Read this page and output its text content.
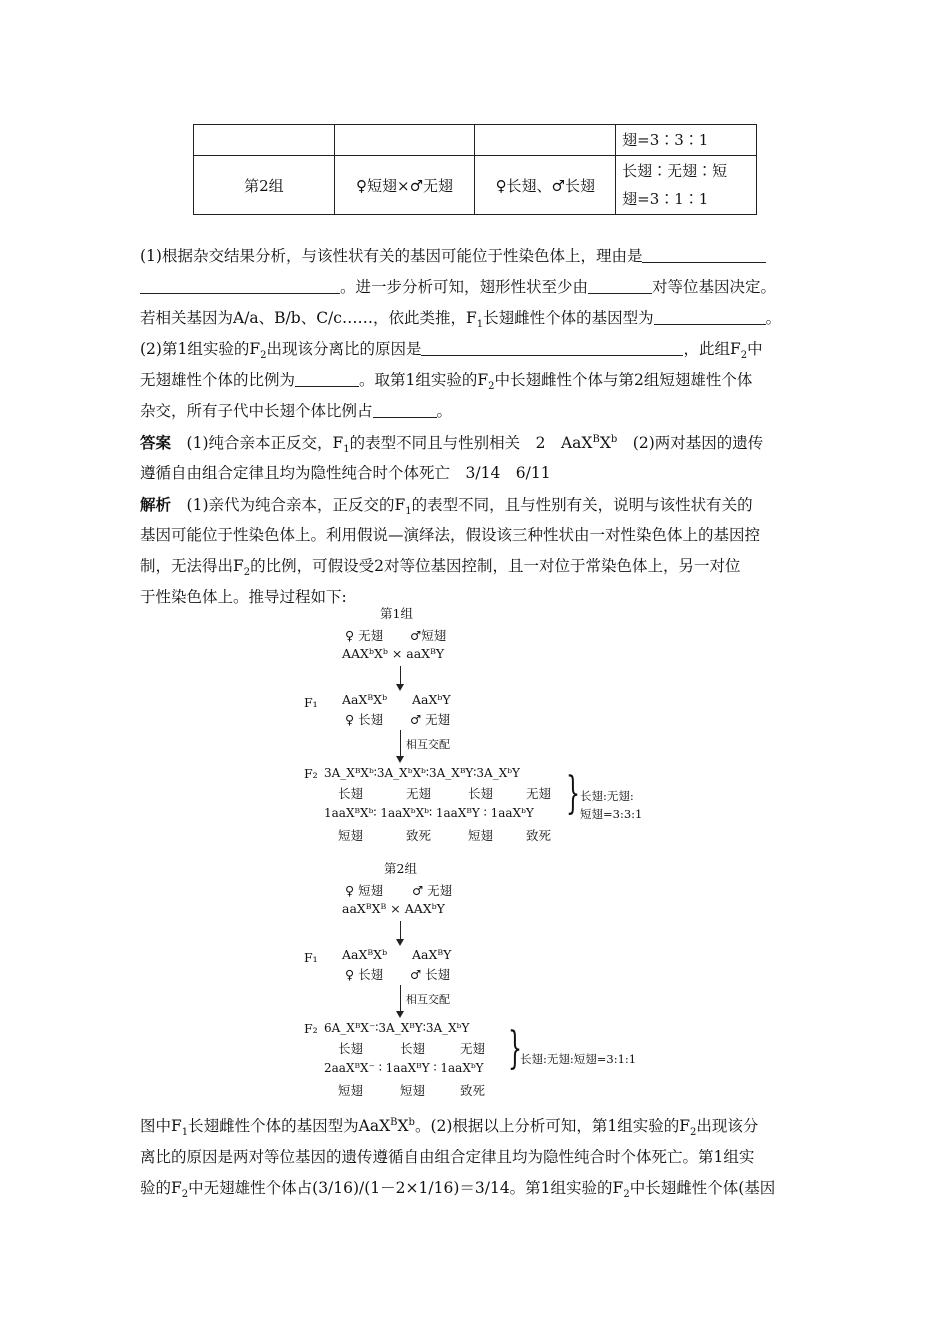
			翅=3∶3∶1
第2组	♀短翅×♂无翅	♀长翅、♂长翅	长翅∶无翅∶短
翅=3∶1∶1
(1)根据杂交结果分析，与该性状有关的基因可能位于性染色体上，理由是
。进一步分析可知，翅形性状至少由	对等位基因决定。
若相关基因为A/a、B/b、C/c……，依此类推，$F_1$长翅雌性个体的基因型为	。
(2)第1组实验的$F_2$出现该分离比的原因是	，此组$F_2$中
无翅雄性个体的比例为	。取第1组实验的$F_2$中长翅雌性个体与第2组短翅雄性个体
杂交，所有子代中长翅个体比例占	。
答案　 (1)纯合亲本正反交，$F_1$的表型不同且与性别相关　2　$AaX^BX^b$　(2)两对基因的遗传
遵循自由组合定律且均为隐性纯合时个体死亡　3/14　6/11
解析　 (1)亲代为纯合亲本，正反交的$F_1$的表型不同，且与性别有关，说明与该性状有关的
基因可能位于性染色体上。利用假说—演绎法，假设该三种性状由一对性染色体上的基因控
制，无法得出$F_2$的比例，可假设受2对等位基因控制，且一对位于常染色体上，另一对位
于性染色体上。推导过程如下:
第1组
♀ 无翅 ♂短翅
AAXᵇXᵇ × aaXᴮY
F₁ AaXᴮXᵇ AaXᵇY
♀ 长翅 ♂ 无翅
相互交配
F₂ 3A_XᴮXᵇ∶3A_XᵇXᵇ∶3A_XᴮY∶3A_XᵇY
长翅	无翅	长翅	无翅
1aaXᴮXᵇ∶ 1aaXᵇXᵇ∶ 1aaXᴮY ∶ 1aaXᵇY
短翅	致死	短翅	致死
} 长翅:无翅:
短翅=3:3:1
第2组
♀ 短翅 ♂ 无翅
aaXᴮXᴮ × AAXᵇY
F₁ AaXᴮXᵇ AaXᴮY
♀ 长翅 ♂ 长翅
相互交配
F₂ 6A_XᴮX⁻∶3A_XᴮY∶3A_XᵇY
长翅	长翅	无翅
2aaXᴮX⁻ ∶ 1aaXᴮY ∶ 1aaXᵇY
短翅	短翅	致死
}
长翅:无翅:短翅=3:1:1
图中$F_1$长翅雌性个体的基因型为$AaX^BX^b$。(2)根据以上分析可知，第1组实验的$F_2$出现该分
离比的原因是两对等位基因的遗传遵循自由组合定律且均为隐性纯合时个体死亡。第1组实
验的$F_2$中无翅雄性个体占(3/16)/(1－2×1/16)＝3/14。第1组实验的$F_2$中长翅雌性个体(基因
